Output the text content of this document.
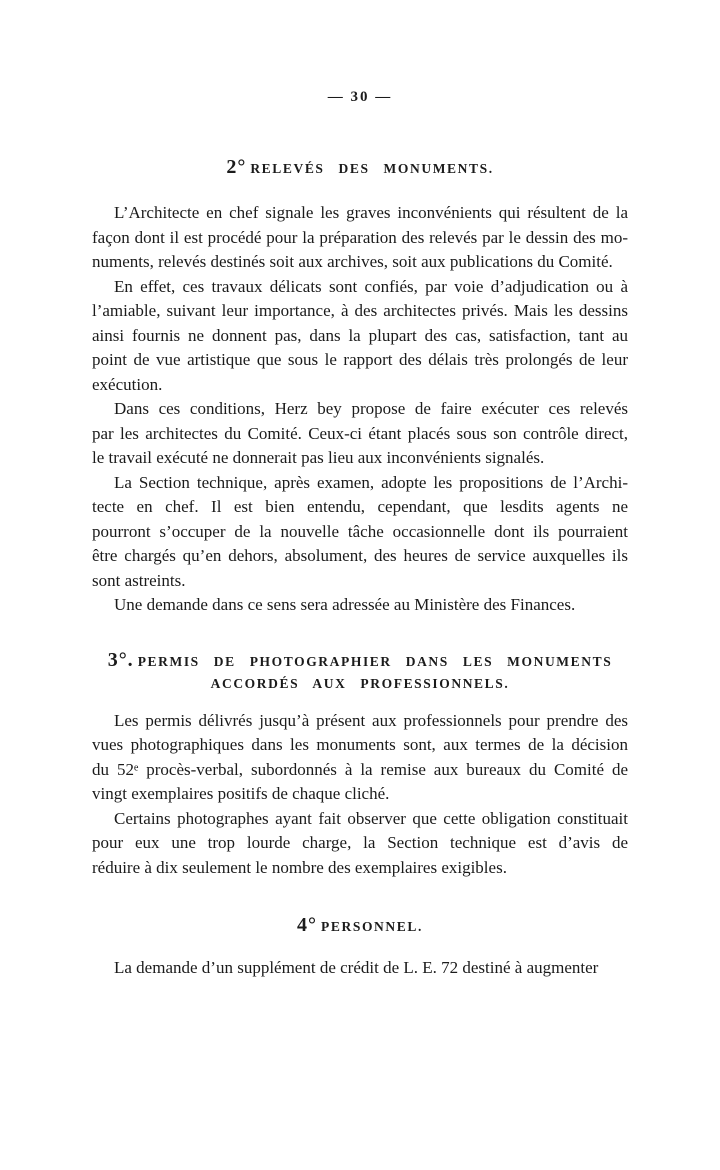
— 30 —
2° RELEVÉS DES MONUMENTS.
L’Architecte en chef signale les graves inconvénients qui résultent de la
façon dont il est procédé pour la préparation des relevés par le dessin des mo-
numents, relevés destinés soit aux archives, soit aux publications du Comité.
En effet, ces travaux délicats sont confiés, par voie d’adjudication ou à
l’amiable, suivant leur importance, à des architectes privés. Mais les dessins
ainsi fournis ne donnent pas, dans la plupart des cas, satisfaction, tant au
point de vue artistique que sous le rapport des délais très prolongés de leur
exécution.
Dans ces conditions, Herz bey propose de faire exécuter ces relevés
par les architectes du Comité. Ceux-ci étant placés sous son contrôle direct,
le travail exécuté ne donnerait pas lieu aux inconvénients signalés.
La Section technique, après examen, adopte les propositions de l’Archi-
tecte en chef. Il est bien entendu, cependant, que lesdits agents ne
pourront s’occuper de la nouvelle tâche occasionnelle dont ils pourraient
être chargés qu’en dehors, absolument, des heures de service auxquelles ils
sont astreints.
Une demande dans ce sens sera adressée au Ministère des Finances.
3°. PERMIS DE PHOTOGRAPHIER DANS LES MONUMENTS
ACCORDÉS AUX PROFESSIONNELS.
Les permis délivrés jusqu’à présent aux professionnels pour prendre des
vues photographiques dans les monuments sont, aux termes de la décision
du 52ᵉ procès-verbal, subordonnés à la remise aux bureaux du Comité de
vingt exemplaires positifs de chaque cliché.
Certains photographes ayant fait observer que cette obligation constituait
pour eux une trop lourde charge, la Section technique est d’avis de
réduire à dix seulement le nombre des exemplaires exigibles.
4° PERSONNEL.
La demande d’un supplément de crédit de L. E. 72 destiné à augmenter
